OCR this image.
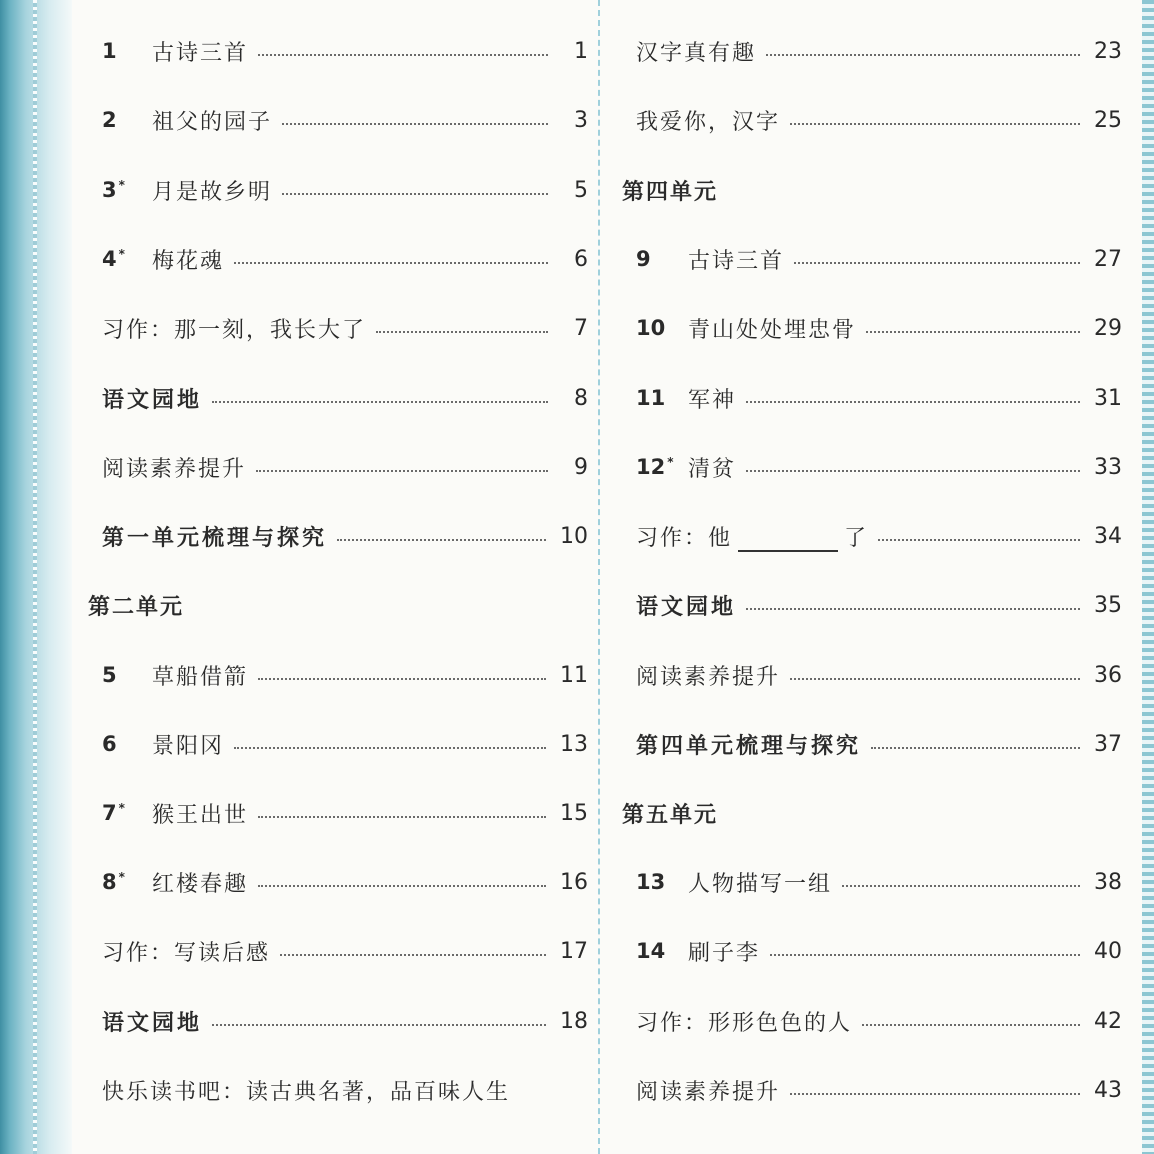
1	古诗三首	1
2	祖父的园子	3
3 *	月是故乡明	5
4 *	梅花魂	6
习作：那一刻，我长大了	7
语文园地	8
阅读素养提升	9
第一单元梳理与探究	10
第二单元
5	草船借箭	11
6	景阳冈	13
7 *	猴王出世	15
8 *	红楼春趣	16
习作：写读后感	17
语文园地	18
快乐读书吧：读古典名著，品百味人生
汉字真有趣	23
我爱你，汉字	25
第四单元
9	古诗三首	27
10	青山处处埋忠骨	29
11	军神	31
12 * 清贫	33
习作：他	了	34
语文园地	35
阅读素养提升	36
第四单元梳理与探究	37
第五单元
13	人物描写一组	38
14	刷子李	40
习作：形形色色的人	42
阅读素养提升	43
